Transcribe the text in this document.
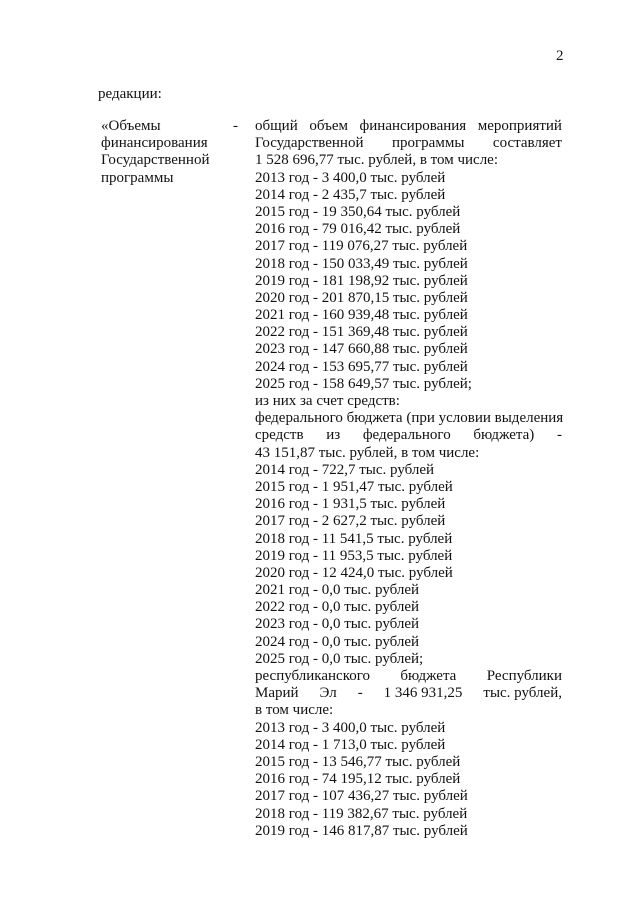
2
редакции:
«Объемы
финансирования
Государственной
программы
- общий объем финансирования мероприятий
Государственной программы составляет
1 528 696,77 тыс. рублей, в том числе:
2013 год - 3 400,0 тыс. рублей
2014 год - 2 435,7 тыс. рублей
2015 год - 19 350,64 тыс. рублей
2016 год - 79 016,42 тыс. рублей
2017 год - 119 076,27 тыс. рублей
2018 год - 150 033,49 тыс. рублей
2019 год - 181 198,92 тыс. рублей
2020 год - 201 870,15 тыс. рублей
2021 год - 160 939,48 тыс. рублей
2022 год - 151 369,48 тыс. рублей
2023 год - 147 660,88 тыс. рублей
2024 год - 153 695,77 тыс. рублей
2025 год - 158 649,57 тыс. рублей;
из них за счет средств:
федерального бюджета (при условии выделения
средств из федерального бюджета) -
43 151,87 тыс. рублей, в том числе:
2014 год - 722,7 тыс. рублей
2015 год - 1 951,47 тыс. рублей
2016 год - 1 931,5 тыс. рублей
2017 год - 2 627,2 тыс. рублей
2018 год - 11 541,5 тыс. рублей
2019 год - 11 953,5 тыс. рублей
2020 год - 12 424,0 тыс. рублей
2021 год - 0,0 тыс. рублей
2022 год - 0,0 тыс. рублей
2023 год - 0,0 тыс. рублей
2024 год - 0,0 тыс. рублей
2025 год - 0,0 тыс. рублей;
республиканского бюджета Республики
Марий Эл - 1 346 931,25 тыс. рублей,
в том числе:
2013 год - 3 400,0 тыс. рублей
2014 год - 1 713,0 тыс. рублей
2015 год - 13 546,77 тыс. рублей
2016 год - 74 195,12 тыс. рублей
2017 год - 107 436,27 тыс. рублей
2018 год - 119 382,67 тыс. рублей
2019 год - 146 817,87 тыс. рублей
